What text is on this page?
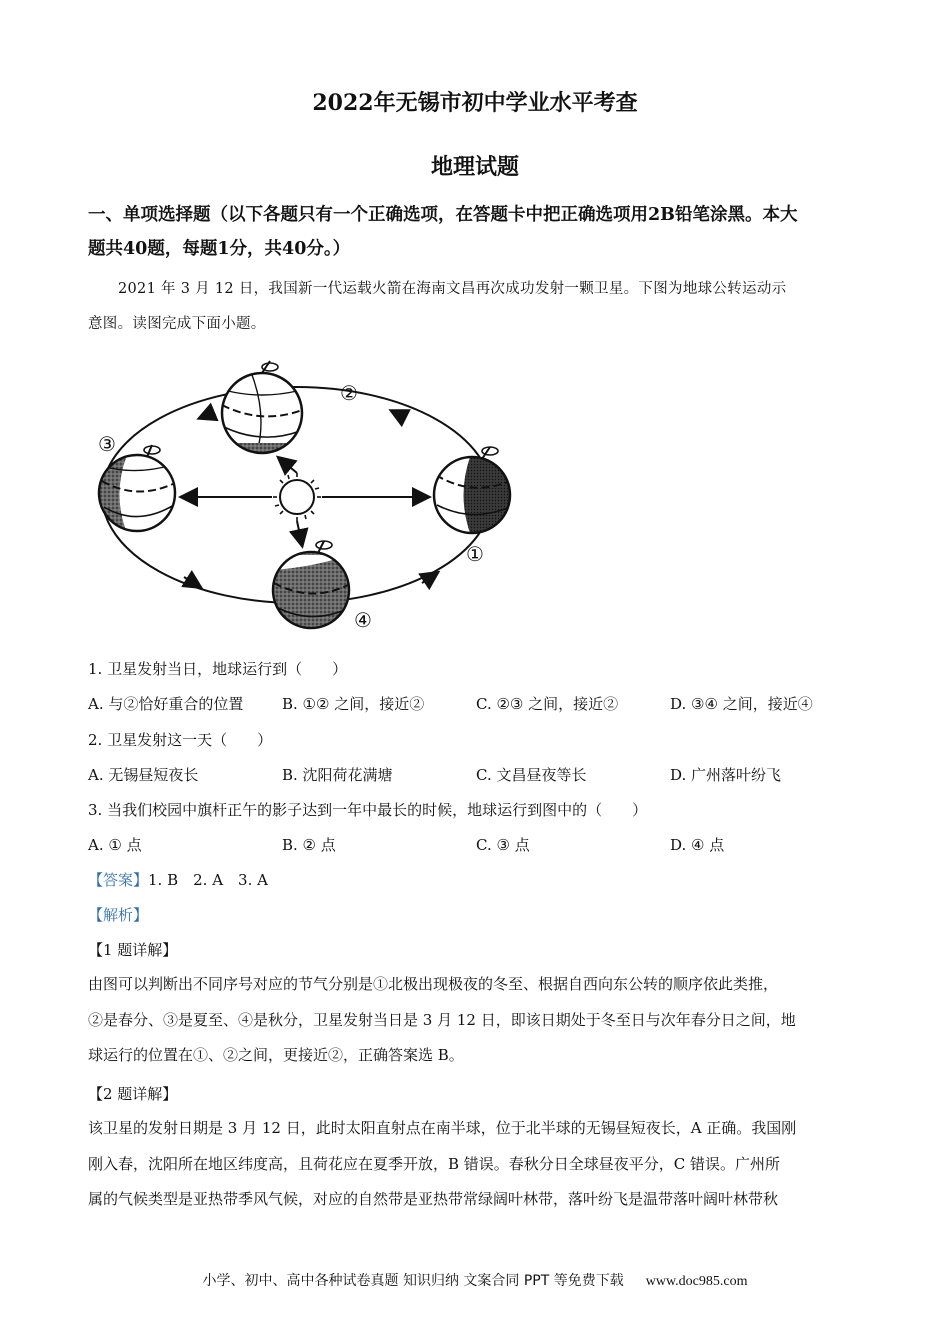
2022年无锡市初中学业水平考查
地理试题
一、单项选择题（以下各题只有一个正确选项，在答题卡中把正确选项用2B铅笔涂黑。本大
题共40题，每题1分，共40分。）
2021 年 3 月 12 日，我国新一代运载火箭在海南文昌再次成功发射一颗卫星。下图为地球公转运动示
意图。读图完成下面小题。
②
③
①
④
1. 卫星发射当日，地球运行到（　　）
A. 与②恰好重合的位置	B. ①② 之间，接近②	C. ②③ 之间，接近②	D. ③④ 之间，接近④
2. 卫星发射这一天（　　）
A. 无锡昼短夜长	B. 沈阳荷花满塘	C. 文昌昼夜等长	D. 广州落叶纷飞
3. 当我们校园中旗杆正午的影子达到一年中最长的时候，地球运行到图中的（　　）
A. ① 点	B. ② 点	C. ③ 点	D. ④ 点
【答案】1. B　2. A　3. A
【解析】
【1 题详解】
由图可以判断出不同序号对应的节气分别是①北极出现极夜的冬至、根据自西向东公转的顺序依此类推，
②是春分、③是夏至、④是秋分，卫星发射当日是 3 月 12 日，即该日期处于冬至日与次年春分日之间，地
球运行的位置在①、②之间，更接近②，正确答案选 B。
【2 题详解】
该卫星的发射日期是 3 月 12 日，此时太阳直射点在南半球，位于北半球的无锡昼短夜长，A 正确。我国刚
刚入春，沈阳所在地区纬度高，且荷花应在夏季开放，B 错误。春秋分日全球昼夜平分，C 错误。广州所
属的气候类型是亚热带季风气候，对应的自然带是亚热带常绿阔叶林带，落叶纷飞是温带落叶阔叶林带秋
小学、初中、高中各种试卷真题 知识归纳 文案合同 PPT 等免费下载 www.doc985.com
